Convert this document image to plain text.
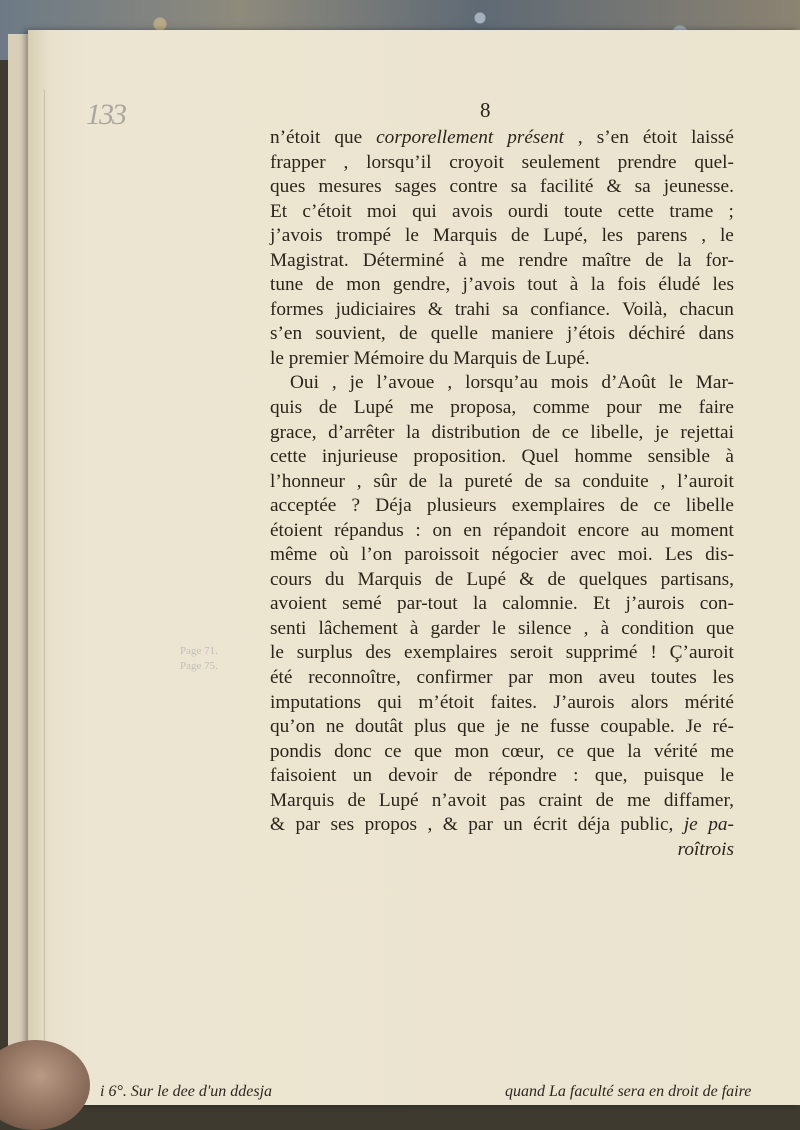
133
Page 71.
Page 75.
8
n’étoit que corporellement présent , s’en étoit laissé
frapper , lorsqu’il croyoit seulement prendre quel-
ques mesures sages contre sa facilité & sa jeunesse.
Et c’étoit moi qui avois ourdi toute cette trame ;
j’avois trompé le Marquis de Lupé, les parens , le
Magistrat. Déterminé à me rendre maître de la for-
tune de mon gendre, j’avois tout à la fois éludé les
formes judiciaires & trahi sa confiance. Voilà, chacun
s’en souvient, de quelle maniere j’étois déchiré dans
le
premier
Mémoire
du
Marquis
de
Lupé.
Oui , je l’avoue , lorsqu’au mois d’Août le Mar-
quis de Lupé me proposa, comme pour me faire
grace, d’arrêter la distribution de ce libelle, je rejettai
cette injurieuse proposition. Quel homme sensible à
l’honneur , sûr de la pureté de sa conduite , l’auroit
acceptée ? Déja plusieurs exemplaires de ce libelle
étoient répandus : on en répandoit encore au moment
même où l’on paroissoit négocier avec moi. Les dis-
cours du Marquis de Lupé & de quelques partisans,
avoient semé par-tout la calomnie. Et j’aurois con-
senti lâchement à garder le silence , à condition que
le surplus des exemplaires seroit supprimé ! Ç’auroit
été reconnoître, confirmer par mon aveu toutes les
imputations qui m’étoit faites. J’aurois alors mérité
qu’on ne doutât plus que je ne fusse coupable. Je ré-
pondis donc ce que mon cœur, ce que la vérité me
faisoient un devoir de répondre : que, puisque le
Marquis de Lupé n’avoit pas craint de me diffamer,
& par ses propos , & par un écrit déja public, je pa-
roîtrois
i 6°. Sur le dee d'un ddesja	quand La faculté sera en droit de faire
